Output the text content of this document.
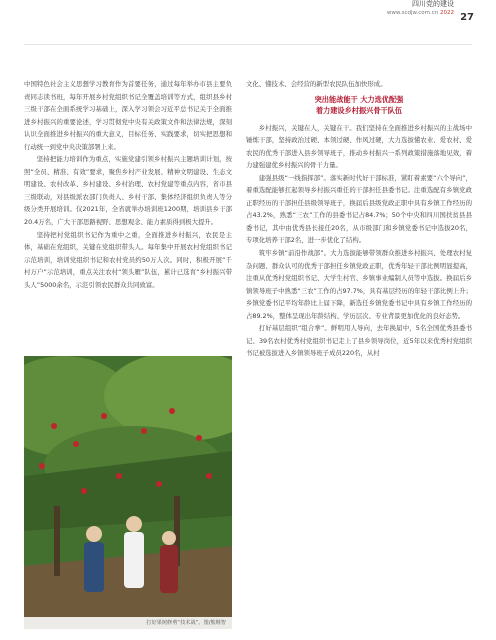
四川党的建设
www.scdjw.com.cn 2022 27

中国特色社会主义思想学习教育作为首要任务，通过每年举办市县主要负责同志读书班，每年开展乡村党组织书记全覆盖培训等方式，组织县乡村三级干部在全面系统学习基础上，深入学习领会习近平总书记关于全面推进乡村振兴的重要论述，学习贯彻党中央有关政策文件和法律法规，深刻认识全面推进乡村振兴的重大意义，目标任务、实践要求，切实把思想和行动统一到党中央决策部署上来。

坚持把能力培训作为重点，实施党建引领乡村振兴主题培训计划，按照“全员、精准、有效”要求，聚焦乡村产业发展、精神文明建设、生态文明建设、农村改革、乡村建设、乡村治理、农村党建等重点内容，省市县三级联动，对县级派农部门负责人、乡村干部、集体经济组织负责人等分级分类开展培训。仅2021年，全省就举办培训班1200期，培训县乡干部20.4万名，广大干部思路视野、思想观念、能力素质得到极大提升。

坚持把村党组织书记作为重中之重，全面推进乡村振兴，农民是主体，基础在党组织，关键在党组织带头人。每年集中开展农村党组织书记示范培训，培训党组织书记和农村党员约50万人次。同时，积极开展“千村万户”示范培训，重点关注农村“领头雁”队伍，累计已选育“乡村振兴带头人”5000余名，示范引领农民群众共同致富。

打好果树修剪“技术战”。图/熊继智

文化、懂技术、会经营的新型农民队伍加快形成。

突出能战能干 大力选优配强
着力建设乡村振兴骨干队伍

乡村振兴，关键在人，关键在干。我们坚持在全面推进乡村振兴的主战场中锤炼干部，坚持政治过硬、本领过硬、作风过硬，大力选拔懂农业、爱农村、爱农民的优秀干部进入县乡领导班子，推动乡村振兴一系列政策措施落地见效，着力建强建优乡村振兴的骨干力量。

建强县级“一线指挥部”。落实新时代好干部标准，紧盯着素要“六个导向”，着重选配能够扛起领导乡村振兴重任的干部担任县委书记。注重选配有乡镇党政正职经历的干部担任县级领导班子，换届后县级党政正职中具有乡镇工作经历的占43.2%，熟悉“三农”工作的县委书记占84.7%；50个中央和四川国扶贫县县委书记，其中由优秀县长接任20名，从市级部门和乡镇党委书记中选拔20名，专项化培养干部2名，进一步优化了结构。

筑牢乡镇“前沿作战部”。大力选拔能够带领群众推进乡村振兴、处理农村复杂问题、群众认可的优秀干部担任乡镇党政正职，优秀年轻干部比例明显提高，注重从优秀村党组织书记、大学生村官、乡镇事业编制人员等中选拔。换届后乡镇领导班子中熟悉“三农”工作的占97.7%，具有基层经历的年轻干部比例上升；乡镇党委书记平均年龄比上届下降，新选任乡镇党委书记中具有乡镇工作经历的占89.2%，整体呈现出年龄结构、学历层次、专业背景更加优化的良好态势。

打好基层组织“组合拳”。鲜明用人导向，去年换届中，5名全国优秀县委书记、39名农村优秀村党组织书记走上了县乡领导岗位，近5年以来优秀村党组织书记被选拔进入乡镇领导班子成员220名，从村
